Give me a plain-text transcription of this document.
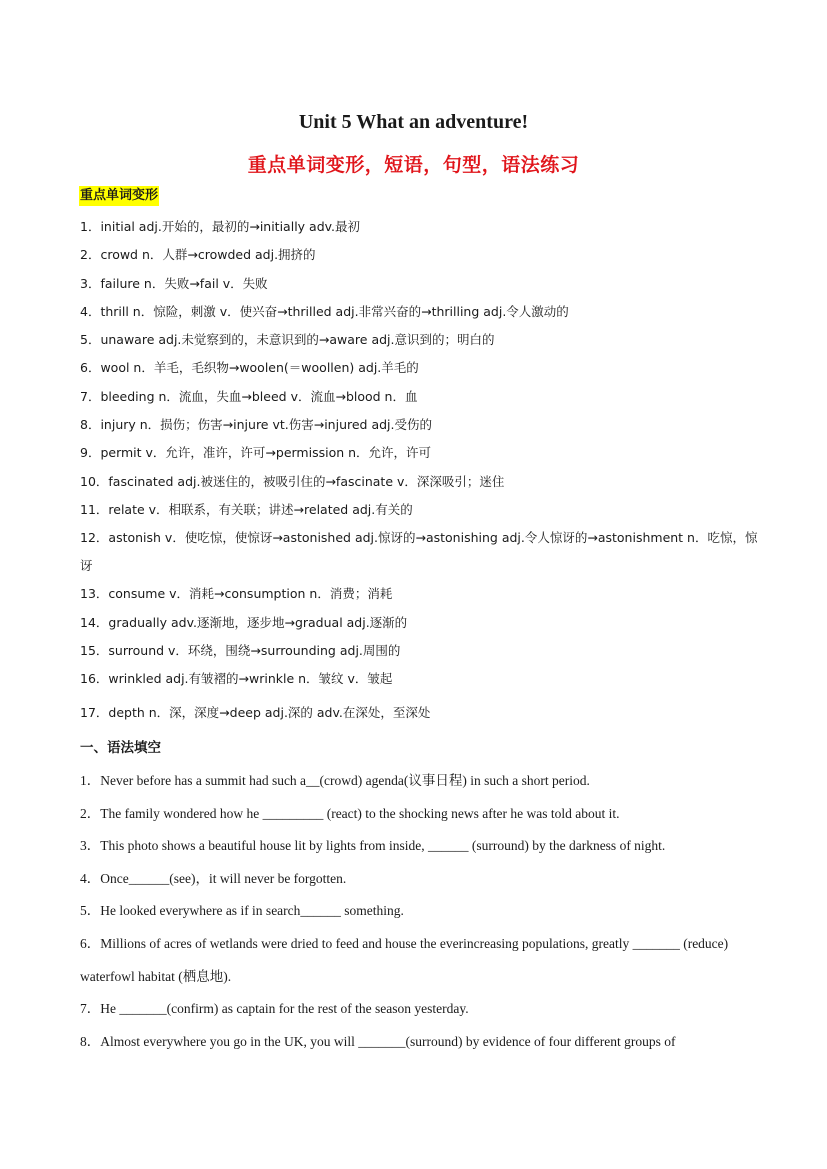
Unit 5 What an adventure!
重点单词变形，短语，句型，语法练习
重点单词变形
1．initial adj.开始的，最初的→initially adv.最初
2．crowd n．人群→crowded adj.拥挤的
3．failure n．失败→fail v．失败
4．thrill n．惊险，刺激 v．使兴奋→thrilled adj.非常兴奋的→thrilling adj.令人激动的
5．unaware adj.未觉察到的，未意识到的→aware adj.意识到的；明白的
6．wool n．羊毛，毛织物→woolen(＝woollen) adj.羊毛的
7．bleeding n．流血，失血→bleed v．流血→blood n．血
8．injury n．损伤；伤害→injure vt.伤害→injured adj.受伤的
9．permit v．允许，准许，许可→permission n．允许，许可
10．fascinated adj.被迷住的，被吸引住的→fascinate v．深深吸引；迷住
11．relate v．相联系，有关联；讲述→related adj.有关的
12．astonish v．使吃惊，使惊讶→astonished adj.惊讶的→astonishing adj.令人惊讶的→astonishment n．吃惊，惊讶
13．consume v．消耗→consumption n．消费；消耗
14．gradually adv.逐渐地，逐步地→gradual adj.逐渐的
15．surround v．环绕，围绕→surrounding adj.周围的
16．wrinkled adj.有皱褶的→wrinkle n．皱纹 v．皱起
17．depth n．深，深度→deep adj.深的 adv.在深处，至深处
一、语法填空
1．Never before has a summit had such a__(crowd) agenda(议事日程) in such a short period.
2．The family wondered how he _________ (react) to the shocking news after he was told about it.
3．This photo shows a beautiful house lit by lights from inside, ______ (surround) by the darkness of night.
4．Once______(see)，it will never be forgotten.
5．He looked everywhere as if in search______ something.
6．Millions of acres of wetlands were dried to feed and house the everincreasing populations, greatly _______ (reduce) waterfowl habitat (栖息地).
7．He _______(confirm) as captain for the rest of the season yesterday.
8．Almost everywhere you go in the UK, you will _______(surround) by evidence of four different groups of
